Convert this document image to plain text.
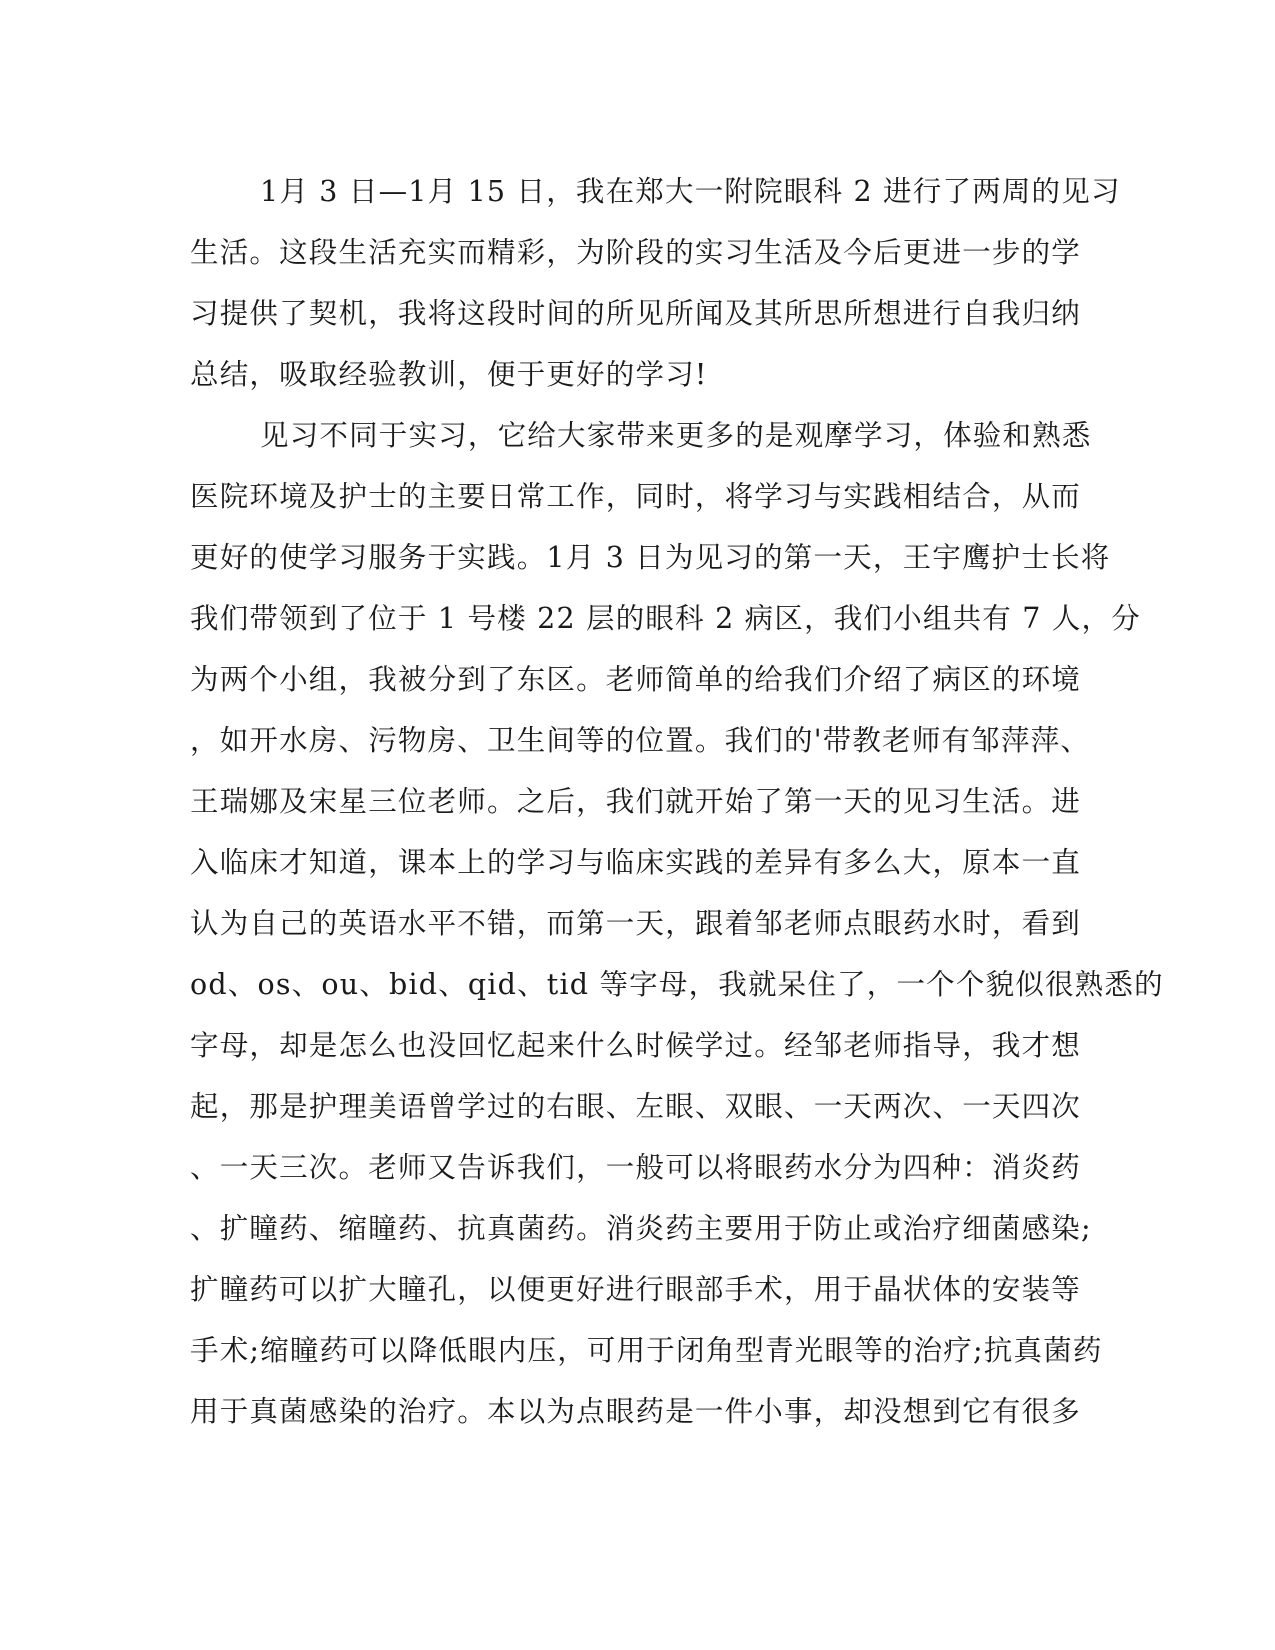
1月 3 日—1月 15 日，我在郑大一附院眼科 2 进行了两周的见习
生活。这段生活充实而精彩，为阶段的实习生活及今后更进一步的学
习提供了契机，我将这段时间的所见所闻及其所思所想进行自我归纳
总结，吸取经验教训，便于更好的学习!
见习不同于实习，它给大家带来更多的是观摩学习，体验和熟悉
医院环境及护士的主要日常工作，同时，将学习与实践相结合，从而
更好的使学习服务于实践。1月 3 日为见习的第一天，王宇鹰护士长将
我们带领到了位于 1 号楼 22 层的眼科 2 病区，我们小组共有 7 人，分
为两个小组，我被分到了东区。老师简单的给我们介绍了病区的环境
，如开水房、污物房、卫生间等的位置。我们的'带教老师有邹萍萍、
王瑞娜及宋星三位老师。之后，我们就开始了第一天的见习生活。进
入临床才知道，课本上的学习与临床实践的差异有多么大，原本一直
认为自己的英语水平不错，而第一天，跟着邹老师点眼药水时，看到
od、os、ou、bid、qid、tid 等字母，我就呆住了，一个个貌似很熟悉的
字母，却是怎么也没回忆起来什么时候学过。经邹老师指导，我才想
起，那是护理美语曾学过的右眼、左眼、双眼、一天两次、一天四次
、一天三次。老师又告诉我们，一般可以将眼药水分为四种：消炎药
、扩瞳药、缩瞳药、抗真菌药。消炎药主要用于防止或治疗细菌感染;
扩瞳药可以扩大瞳孔，以便更好进行眼部手术，用于晶状体的安装等
手术;缩瞳药可以降低眼内压，可用于闭角型青光眼等的治疗;抗真菌药
用于真菌感染的治疗。本以为点眼药是一件小事，却没想到它有很多
